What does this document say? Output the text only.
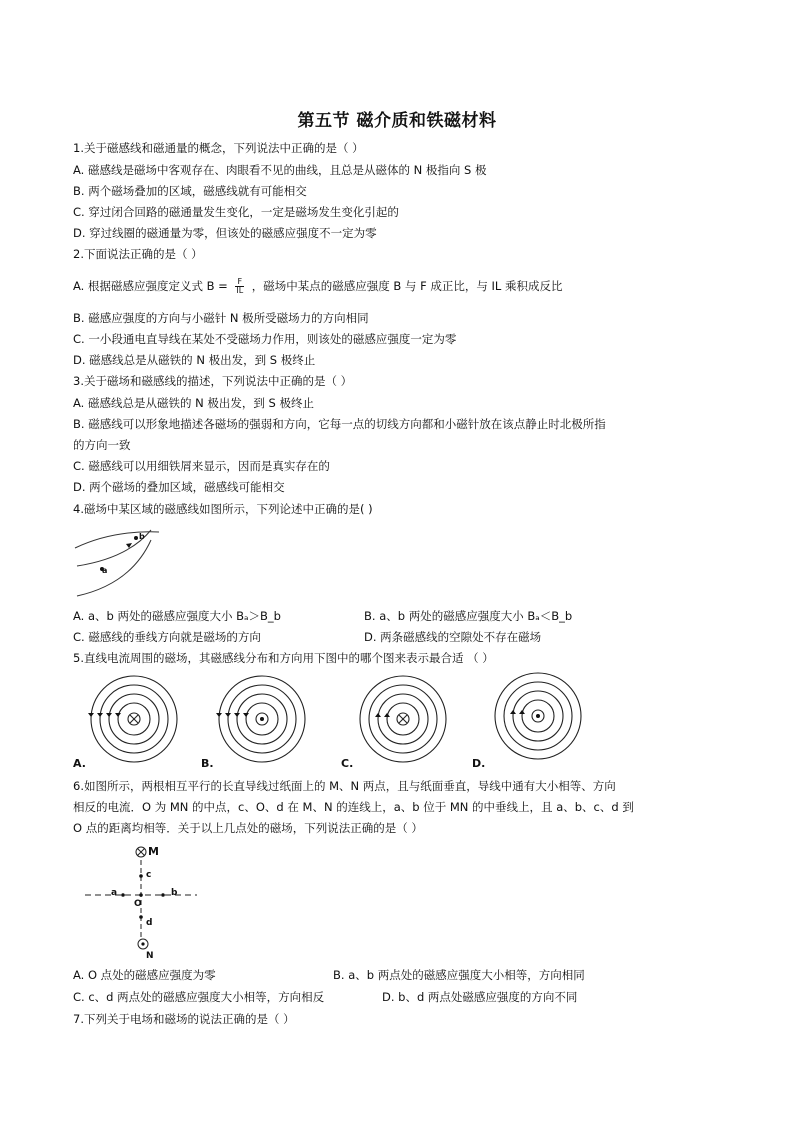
第五节 磁介质和铁磁材料
1.关于磁感线和磁通量的概念，下列说法中正确的是（ ）
A. 磁感线是磁场中客观存在、肉眼看不见的曲线，且总是从磁体的 N 极指向 S 极
B. 两个磁场叠加的区域，磁感线就有可能相交
C. 穿过闭合回路的磁通量发生变化，一定是磁场发生变化引起的
D. 穿过线圈的磁通量为零，但该处的磁感应强度不一定为零
2.下面说法正确的是（ ）
A. 根据磁感应强度定义式 $B = \frac{F}{IL}$ ，磁场中某点的磁感应强度 B 与 F 成正比，与 IL 乘积成反比
B. 磁感应强度的方向与小磁针 N 极所受磁场力的方向相同
C. 一小段通电直导线在某处不受磁场力作用，则该处的磁感应强度一定为零
D. 磁感线总是从磁铁的 N 极出发，到 S 极终止
3.关于磁场和磁感线的描述，下列说法中正确的是（ ）
A. 磁感线总是从磁铁的 N 极出发，到 S 极终止
B. 磁感线可以形象地描述各磁场的强弱和方向，它每一点的切线方向都和小磁针放在该点静止时北极所指
的方向一致
C. 磁感线可以用细铁屑来显示，因而是真实存在的
D. 两个磁场的叠加区域，磁感线可能相交
4.磁场中某区域的磁感线如图所示，下列论述中正确的是( )
a
b
A. a、b 两处的磁感应强度大小 Bₐ＞B_b	B. a、b 两处的磁感应强度大小 Bₐ＜B_b
C. 磁感线的垂线方向就是磁场的方向	D. 两条磁感线的空隙处不存在磁场
5.直线电流周围的磁场，其磁感线分布和方向用下图中的哪个图来表示最合适 （ ）
A.	B.	C.	D.
6.如图所示，两根相互平行的长直导线过纸面上的 M、N 两点，且与纸面垂直，导线中通有大小相等、方向
相反的电流．O 为 MN 的中点，c、O、d 在 M、N 的连线上，a、b 位于 MN 的中垂线上，且 a、b、c、d 到
O 点的距离均相等．关于以上几点处的磁场，下列说法正确的是（ ）
M
N
c
d
a	b
O
A. O 点处的磁感应强度为零	B. a、b 两点处的磁感应强度大小相等，方向相同
C. c、d 两点处的磁感应强度大小相等，方向相反	D. b、d 两点处磁感应强度的方向不同
7.下列关于电场和磁场的说法正确的是（ ）
